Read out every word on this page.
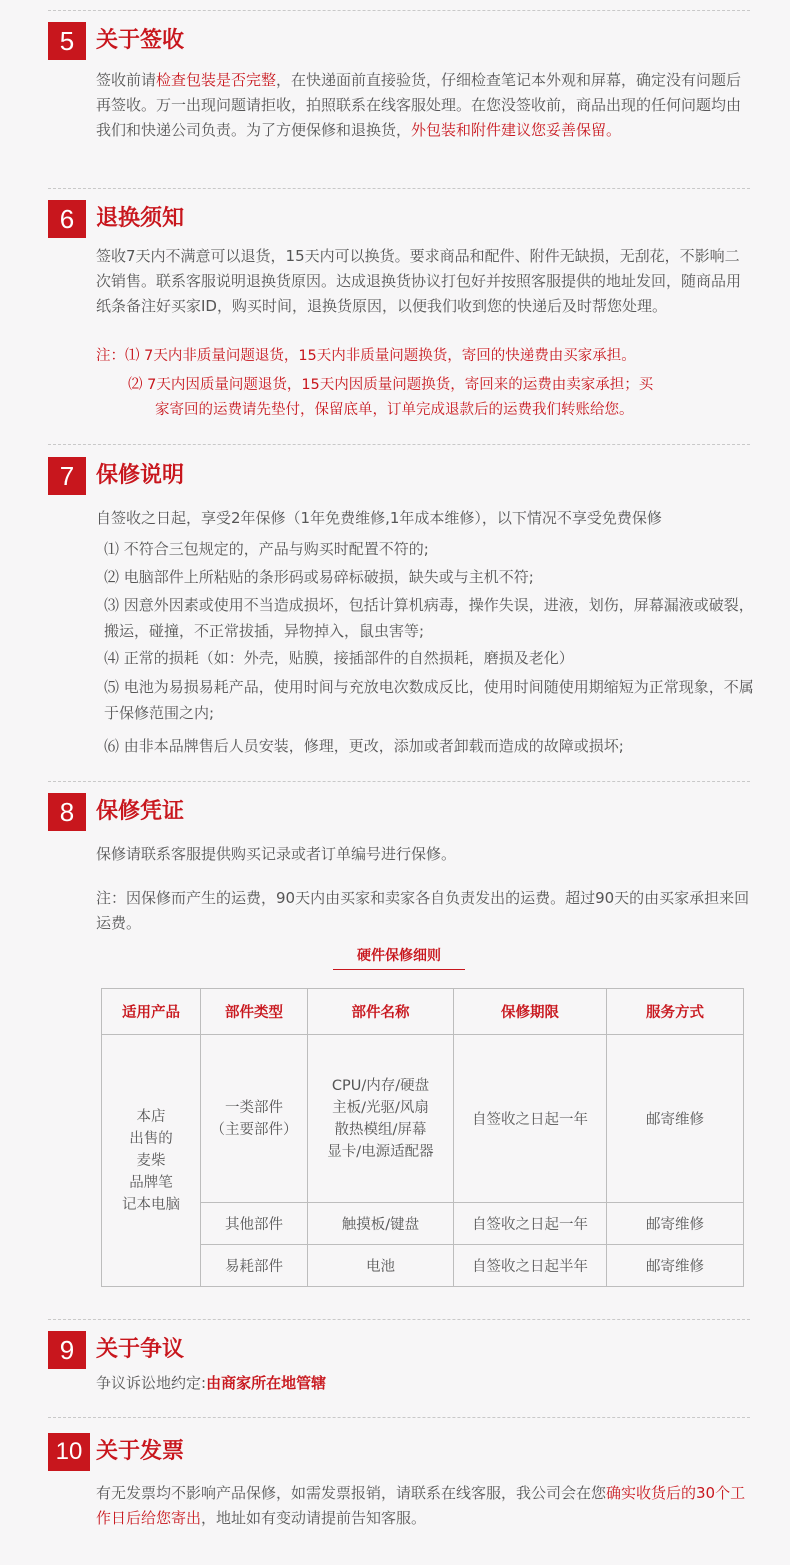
5 关于签收

签收前请检查包装是否完整，在快递面前直接验货，仔细检查笔记本外观和屏幕，确定没有问题后再签收。万一出现问题请拒收，拍照联系在线客服处理。在您没签收前，商品出现的任何问题均由我们和快递公司负责。为了方便保修和退换货，外包装和附件建议您妥善保留。

6 退换须知

签收7天内不满意可以退货，15天内可以换货。要求商品和配件、附件无缺损，无刮花，不影响二次销售。联系客服说明退换货原因。达成退换货协议打包好并按照客服提供的地址发回，随商品用纸条备注好买家ID，购买时间，退换货原因，以便我们收到您的快递后及时帮您处理。

注：⑴ 7天内非质量问题退货，15天内非质量问题换货，寄回的快递费由买家承担。
⑵ 7天内因质量问题退货，15天内因质量问题换货，寄回来的运费由卖家承担；买
家寄回的运费请先垫付，保留底单，订单完成退款后的运费我们转账给您。
7 保修说明
自签收之日起，享受2年保修（1年免费维修,1年成本维修），以下情况不享受免费保修
⑴ 不符合三包规定的，产品与购买时配置不符的;
⑵ 电脑部件上所粘贴的条形码或易碎标破损，缺失或与主机不符;
⑶ 因意外因素或使用不当造成损坏，包括计算机病毒，操作失误，进液，划伤，屏幕漏液或破裂，搬运，碰撞，不正常拔插，异物掉入，鼠虫害等;
⑷ 正常的损耗（如：外壳，贴膜，接插部件的自然损耗，磨损及老化）
⑸ 电池为易损易耗产品，使用时间与充放电次数成反比，使用时间随使用期缩短为正常现象，不属于保修范围之内;
⑹ 由非本品牌售后人员安装，修理，更改，添加或者卸载而造成的故障或损坏;
8 保修凭证
保修请联系客服提供购买记录或者订单编号进行保修。
注：因保修而产生的运费，90天内由买家和卖家各自负责发出的运费。超过90天的由买家承担来回运费。
硬件保修细则
适用产品	部件类型	部件名称	保修期限	服务方式
本店
出售的
麦柴
品牌笔
记本电脑	一类部件
（主要部件）	CPU/内存/硬盘
主板/光驱/风扇
散热模组/屏幕
显卡/电源适配器	自签收之日起一年	邮寄维修
	其他部件	触摸板/键盘	自签收之日起一年	邮寄维修
	易耗部件	电池	自签收之日起半年	邮寄维修
9 关于争议
争议诉讼地约定:由商家所在地管辖
10 关于发票

有无发票均不影响产品保修，如需发票报销，请联系在线客服，我公司会在您确实收货后的30个工作日后给您寄出，地址如有变动请提前告知客服。
